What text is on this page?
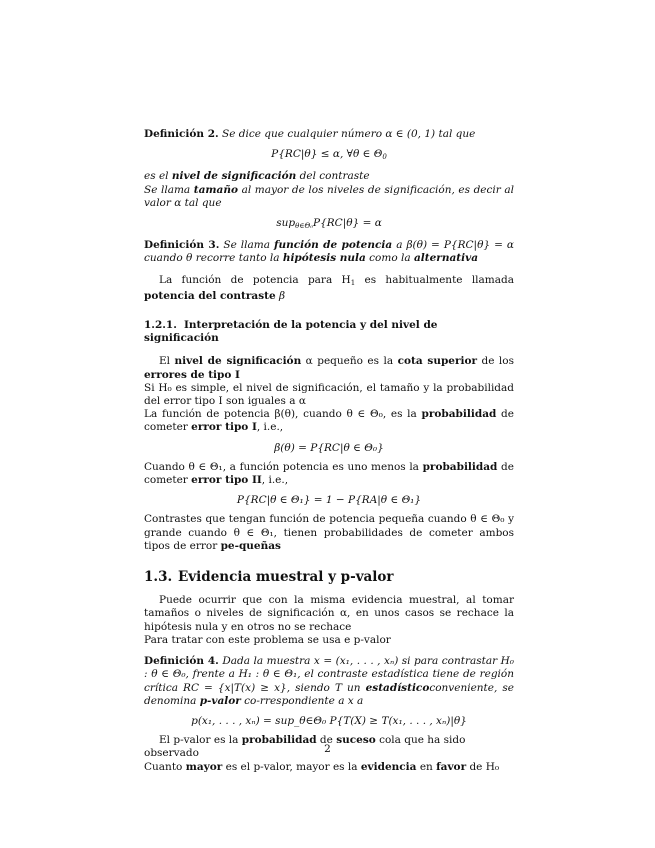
Definición 2. Se dice que cualquier número α ∈ (0, 1) tal que

P{RC|θ} ≤ α, ∀θ ∈ $\Theta_0$

es el nivel de significación del contraste

Se llama tamaño al mayor de los niveles de significación, es decir al valor α tal que

sup$_{\theta\in\Theta_0}$P{RC|θ} = α

Definición 3. Se llama función de potencia a β(θ) = P{RC|θ} = α cuando θ recorre tanto la hipótesis nula como la alternativa

La función de potencia para $H_1$ es habitualmente llamada potencia del contraste β

1.2.1. Interpretación de la potencia y del nivel de significación

El nivel de significación α pequeño es la cota superior de los errores de tipo I

Si H₀ es simple, el nivel de significación, el tamaño y la probabilidad del error tipo I son iguales a α

La función de potencia β(θ), cuando θ ∈ Θ₀, es la probabilidad de cometer error tipo I, i.e.,

β(θ) = P{RC|θ ∈ Θ₀}

Cuando θ ∈ Θ₁, a función potencia es uno menos la probabilidad de cometer error tipo II, i.e.,

P{RC|θ ∈ Θ₁} = 1 − P{RA|θ ∈ Θ₁}

Contrastes que tengan función de potencia pequeña cuando θ ∈ Θ₀ y grande cuando θ ∈ Θ₁, tienen probabilidades de cometer ambos tipos de error pe-queñas

1.3. Evidencia muestral y p-valor

Puede ocurrir que con la misma evidencia muestral, al tomar tamaños o niveles de significación α, en unos casos se rechace la hipótesis nula y en otros no se rechace

Para tratar con este problema se usa e p-valor

Definición 4. Dada la muestra x = (x₁, . . . , xₙ) si para contrastar H₀ : θ ∈ Θ₀, frente a H₁ : θ ∈ Θ₁, el contraste estadística tiene de región crítica RC = {x|T(x) ≥ x}, siendo T un estadísticoconveniente, se denomina p-valor co-rrespondiente a x a

p(x₁, . . . , xₙ) = sup_θ∈Θ₀ P{T(X) ≥ T(x₁, . . . , xₙ)|θ}

El p-valor es la probabilidad de suceso cola que ha sido observado

Cuanto mayor es el p-valor, mayor es la evidencia en favor de H₀

2
